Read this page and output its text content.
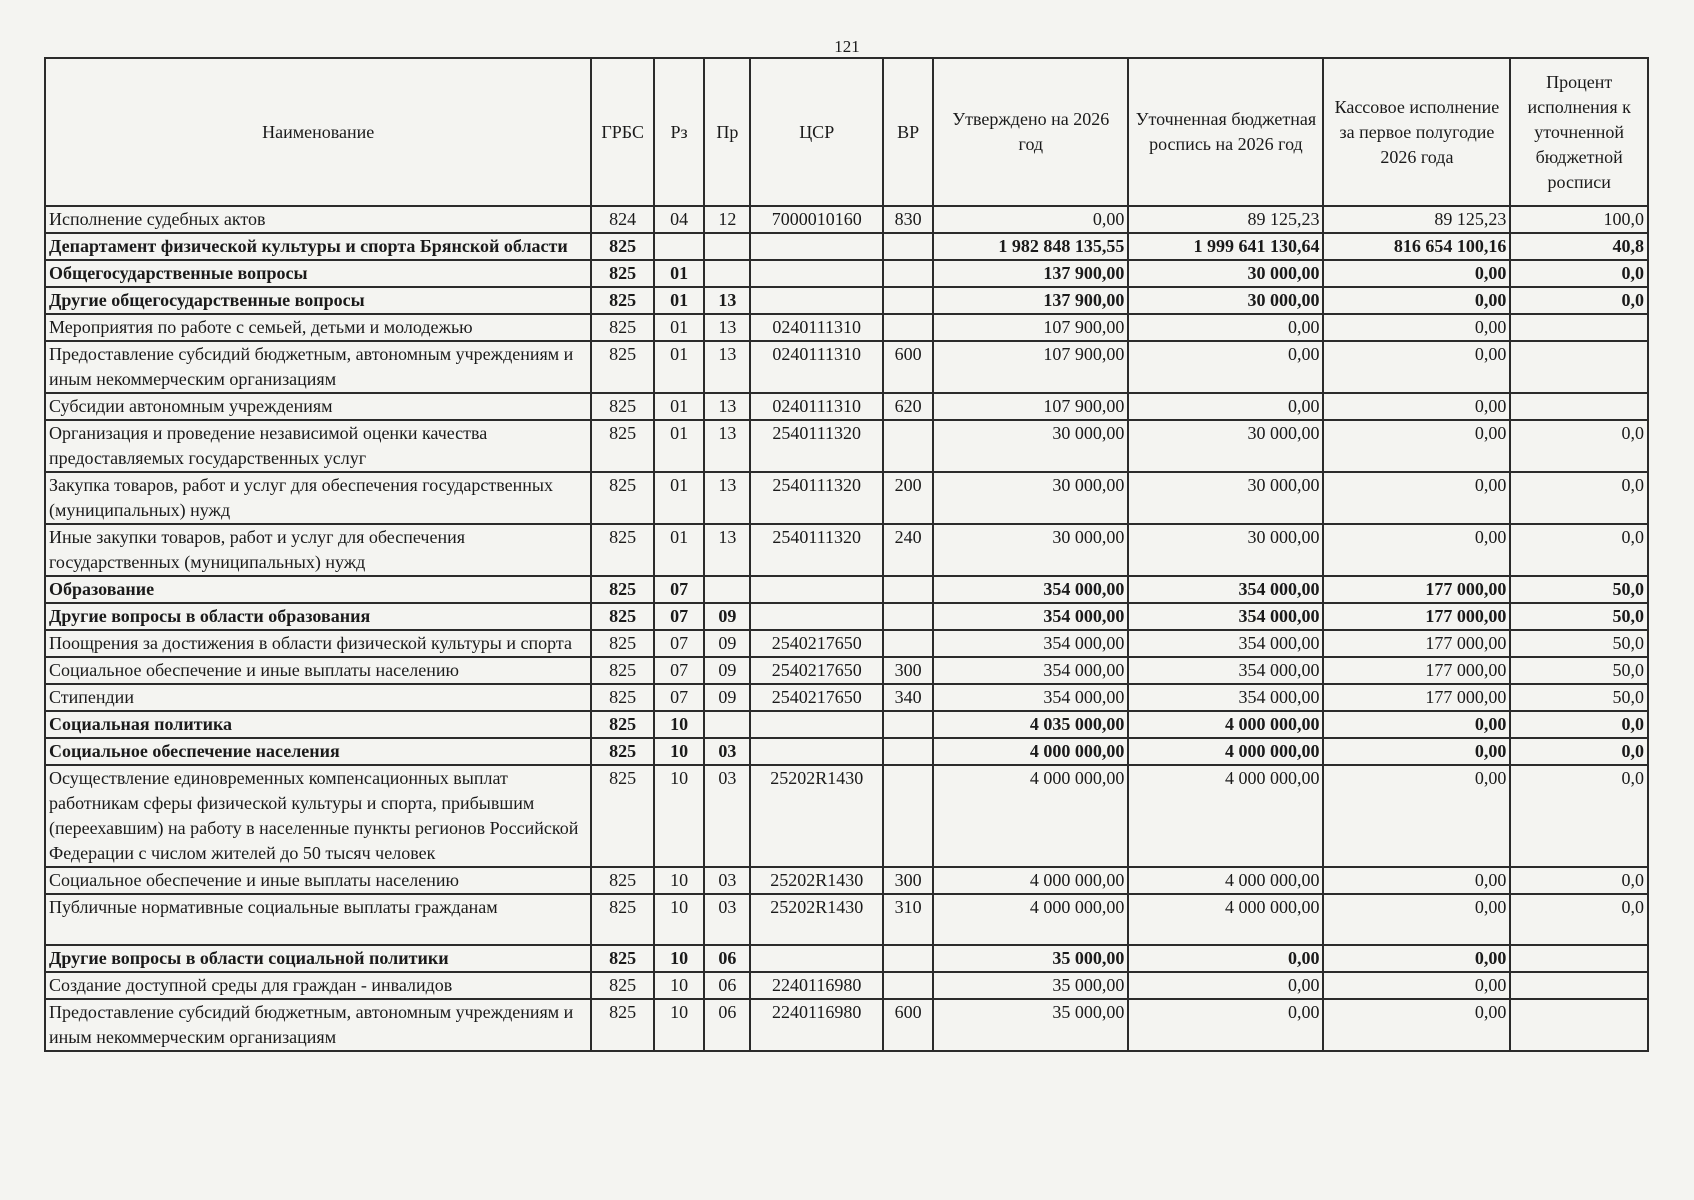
121
Наименование	ГРБС	Рз	Пр	ЦСР	ВР	Утверждено на 2026 год	Уточненная бюджетная роспись на 2026 год	Кассовое исполнение за первое полугодие 2026 года	Процент исполнения к уточненной бюджетной росписи
Исполнение судебных актов	824	04	12	7000010160	830	0,00	89 125,23	89 125,23	100,0
Департамент физической культуры и спорта Брянской области	825					1 982 848 135,55	1 999 641 130,64	816 654 100,16	40,8
Общегосударственные вопросы	825	01				137 900,00	30 000,00	0,00	0,0
Другие общегосударственные вопросы	825	01	13			137 900,00	30 000,00	0,00	0,0
Мероприятия по работе с семьей, детьми и молодежью	825	01	13	0240111310		107 900,00	0,00	0,00	
Предоставление субсидий бюджетным, автономным учреждениям и иным некоммерческим организациям	825	01	13	0240111310	600	107 900,00	0,00	0,00	
Субсидии автономным учреждениям	825	01	13	0240111310	620	107 900,00	0,00	0,00	
Организация и проведение независимой оценки качества предоставляемых государственных услуг	825	01	13	2540111320		30 000,00	30 000,00	0,00	0,0
Закупка товаров, работ и услуг для обеспечения государственных (муниципальных) нужд	825	01	13	2540111320	200	30 000,00	30 000,00	0,00	0,0
Иные закупки товаров, работ и услуг для обеспечения государственных (муниципальных) нужд	825	01	13	2540111320	240	30 000,00	30 000,00	0,00	0,0
Образование	825	07				354 000,00	354 000,00	177 000,00	50,0
Другие вопросы в области образования	825	07	09			354 000,00	354 000,00	177 000,00	50,0
Поощрения за достижения в области физической культуры и спорта	825	07	09	2540217650		354 000,00	354 000,00	177 000,00	50,0
Социальное обеспечение и иные выплаты населению	825	07	09	2540217650	300	354 000,00	354 000,00	177 000,00	50,0
Стипендии	825	07	09	2540217650	340	354 000,00	354 000,00	177 000,00	50,0
Социальная политика	825	10				4 035 000,00	4 000 000,00	0,00	0,0
Социальное обеспечение населения	825	10	03			4 000 000,00	4 000 000,00	0,00	0,0
Осуществление единовременных компенсационных выплат работникам сферы физической культуры и спорта, прибывшим (переехавшим) на работу в населенные пункты регионов Российской Федерации с числом жителей до 50 тысяч человек	825	10	03	25202R1430		4 000 000,00	4 000 000,00	0,00	0,0
Социальное обеспечение и иные выплаты населению	825	10	03	25202R1430	300	4 000 000,00	4 000 000,00	0,00	0,0
Публичные нормативные социальные выплаты гражданам	825	10	03	25202R1430	310	4 000 000,00	4 000 000,00	0,00	0,0
Другие вопросы в области социальной политики	825	10	06			35 000,00	0,00	0,00	
Создание доступной среды для граждан - инвалидов	825	10	06	2240116980		35 000,00	0,00	0,00	
Предоставление субсидий бюджетным, автономным учреждениям и иным некоммерческим организациям	825	10	06	2240116980	600	35 000,00	0,00	0,00	
